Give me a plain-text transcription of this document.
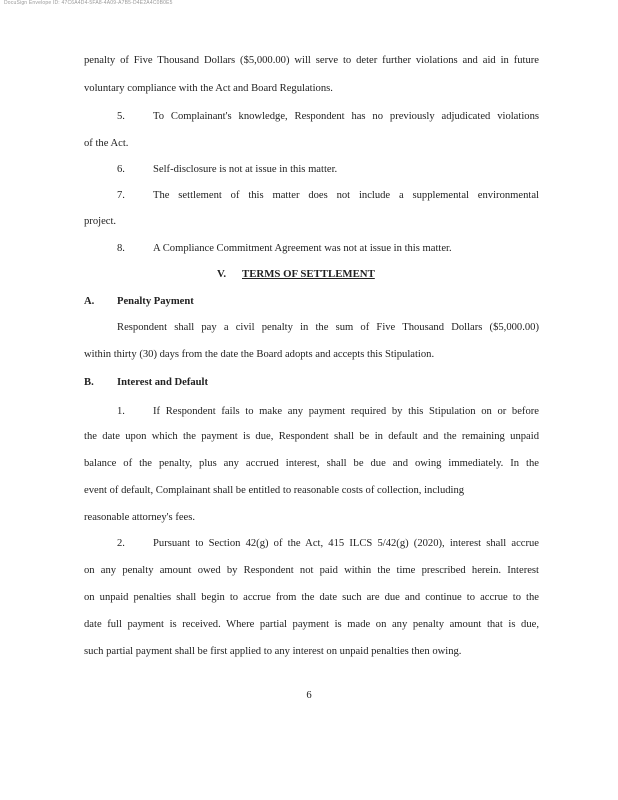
DocuSign Envelope ID: 47C6A4D4-5FA8-4A09-A7B5-D4E2A4C0B0E5
penalty of Five Thousand Dollars ($5,000.00) will serve to deter further violations and aid in future
voluntary compliance with the Act and Board Regulations.
5.	To Complainant's knowledge, Respondent has no previously adjudicated violations
of the Act.
6.	Self-disclosure is not at issue in this matter.
7.	The settlement of this matter does not include a supplemental environmental
project.
8.	A Compliance Commitment Agreement was not at issue in this matter.
V. TERMS OF SETTLEMENT
A. Penalty Payment
Respondent shall pay a civil penalty in the sum of Five Thousand Dollars ($5,000.00)
within thirty (30) days from the date the Board adopts and accepts this Stipulation.
B. Interest and Default
1.	If Respondent fails to make any payment required by this Stipulation on or before
the date upon which the payment is due, Respondent shall be in default and the remaining unpaid
balance of the penalty, plus any accrued interest, shall be due and owing immediately. In the
event of default, Complainant shall be entitled to reasonable costs of collection, including
reasonable attorney's fees.
2.	Pursuant to Section 42(g) of the Act, 415 ILCS 5/42(g) (2020), interest shall accrue
on any penalty amount owed by Respondent not paid within the time prescribed herein. Interest
on unpaid penalties shall begin to accrue from the date such are due and continue to accrue to the
date full payment is received. Where partial payment is made on any penalty amount that is due,
such partial payment shall be first applied to any interest on unpaid penalties then owing.
6
